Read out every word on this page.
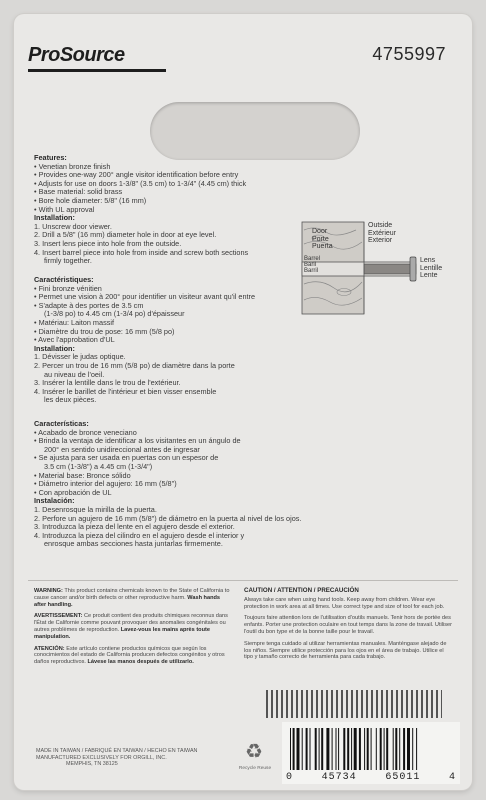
ProSource	4755997
Features:
• Venetian bronze finish
• Provides one-way 200° angle visitor identification before entry
• Adjusts for use on doors 1-3/8" (3.5 cm) to 1-3/4" (4.45 cm) thick
• Base material: solid brass
• Bore hole diameter: 5/8" (16 mm)
• With UL approval
Installation:
1. Unscrew door viewer.
2. Drill a 5/8" (16 mm) diameter hole in door at eye level.
3. Insert lens piece into hole from the outside.
4. Insert barrel piece into hole from inside and screw both sections
firmly together.
Outside
Extérieur
Exterior
Door
Porte
Puerta
Barrel
Baril
Barril
Lens
Lentille
Lente
Caractéristiques:
• Fini bronze vénitien
• Permet une vision à 200° pour identifier un visiteur avant qu'il entre
• S'adapte à des portes de 3.5 cm
(1-3/8 po) to 4.45 cm (1-3/4 po) d'épaisseur
• Matériau: Laiton massif
• Diamètre du trou de pose: 16 mm (5/8 po)
• Avec l'approbation d'UL
Installation:
1. Dévisser le judas optique.
2. Percer un trou de 16 mm (5/8 po) de diamètre dans la porte
au niveau de l'oeil.
3. Insérer la lentille dans le trou de l'extérieur.
4. Insérer le barillet de l'intérieur et bien visser ensemble
les deux pièces.
Características:
• Acabado de bronce veneciano
• Brinda la ventaja de identificar a los visitantes en un ángulo de
200° en sentido unidireccional antes de ingresar
• Se ajusta para ser usada en puertas con un espesor de
3.5 cm (1-3/8") a 4.45 cm (1-3/4")
• Material base: Bronce sólido
• Diámetro interior del agujero: 16 mm (5/8")
• Con aprobación de UL
Instalación:
1. Desenrosque la mirilla de la puerta.
2. Perfore un agujero de 16 mm (5/8") de diámetro en la puerta al nivel de los ojos.
3. Introduzca la pieza del lente en el agujero desde el exterior.
4. Introduzca la pieza del cilindro en el agujero desde el interior y
enrosque ambas secciones hasta juntarlas firmemente.

WARNING: This product contains chemicals known to the State of California to cause cancer and/or birth defects or other reproductive harm. Wash hands after handling.

AVERTISSEMENT: Ce produit contient des produits chimiques reconnus dans l'État de Californie comme pouvant provoquer des anomalies congénitales ou autres problèmes de reproduction. Lavez-vous les mains après toute manipulation.

ATENCIÓN: Este artículo contiene productos químicos que según los conocimientos del estado de California producen defectos congénitos y otros daños reproductivos. Lávese las manos después de utilizarlo.

CAUTION / ATTENTION / PRECAUCIÓN

Always take care when using hand tools. Keep away from children. Wear eye protection in work area at all times. Use correct type and size of tool for each job.

Toujours faire attention lors de l'utilisation d'outils manuels. Tenir hors de portée des enfants. Porter une protection oculaire en tout temps dans la zone de travail. Utiliser l'outil du bon type et de la bonne taille pour le travail.

Siempre tenga cuidado al utilizar herramientas manuales. Manténgase alejado de los niños. Siempre utilice protección para los ojos en el área de trabajo. Utilice el tipo y tamaño correcto de herramienta para cada trabajo.

MADE IN TAIWAN / FABRIQUÉ EN TAIWAN / HECHO EN TAIWAN
MANUFACTURED EXCLUSIVELY FOR ORGILL, INC.
MEMPHIS, TN 38125
♻
Recycle Reuse
0	45734	65011	4
